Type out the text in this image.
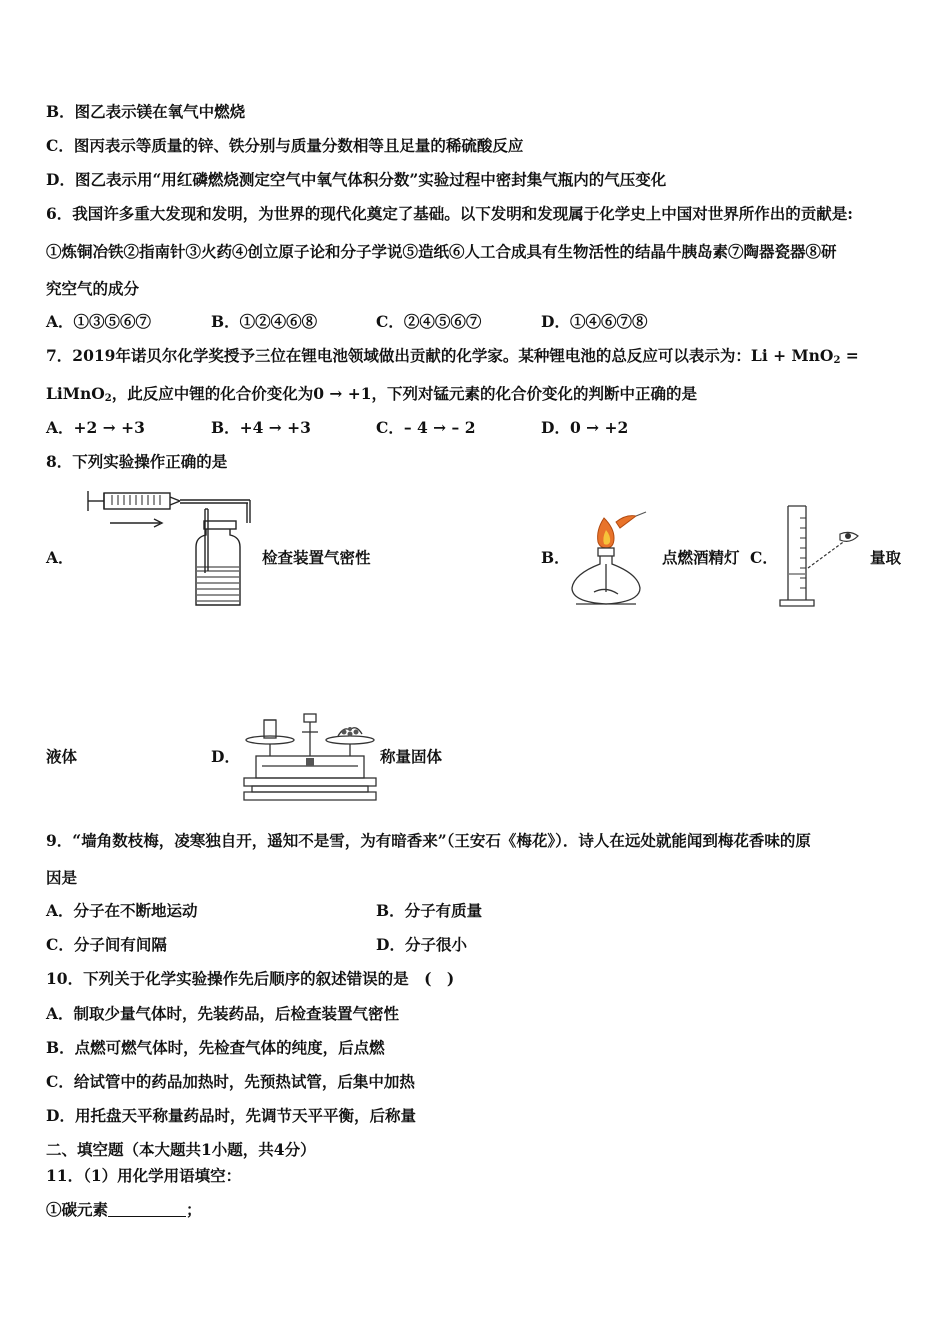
B．图乙表示镁在氧气中燃烧
C．图丙表示等质量的锌、铁分别与质量分数相等且足量的稀硫酸反应
D．图乙表示用“用红磷燃烧测定空气中氧气体积分数”实验过程中密封集气瓶内的气压变化
6．我国许多重大发现和发明，为世界的现代化奠定了基础。以下发明和发现属于化学史上中国对世界所作出的贡献是:
①炼铜冶铁②指南针③火药④创立原子论和分子学说⑤造纸⑥人工合成具有生物活性的结晶牛胰岛素⑦陶器瓷器⑧研
究空气的成分
A．①③⑤⑥⑦	B．①②④⑥⑧	C．②④⑤⑥⑦	D．①④⑥⑦⑧
7．2019年诺贝尔化学奖授予三位在锂电池领域做出贡献的化学家。某种锂电池的总反应可以表示为：Li + MnO$_2$ =
LiMnO$_2$，此反应中锂的化合价变化为0 → +1，下列对锰元素的化合价变化的判断中正确的是
A．+2 → +3	B．+4 → +3	C．– 4 → – 2	D．0 → +2
8．下列实验操作正确的是
A．	检查装置气密性	B．	点燃酒精灯 C．	量取
液体	D．	称量固体
9．“墙角数枝梅，凌寒独自开，遥知不是雪，为有暗香来”（王安石《梅花》）．诗人在远处就能闻到梅花香味的原
因是
A．分子在不断地运动	B．分子有质量
C．分子间有间隔	D．分子很小
10．下列关于化学实验操作先后顺序的叙述错误的是　(　)
A．制取少量气体时，先装药品，后检查装置气密性
B．点燃可燃气体时，先检查气体的纯度，后点燃
C．给试管中的药品加热时，先预热试管，后集中加热
D．用托盘天平称量药品时，先调节天平平衡，后称量
二、填空题（本大题共1小题，共4分）
11．（1）用化学用语填空：
①碳元素	；
